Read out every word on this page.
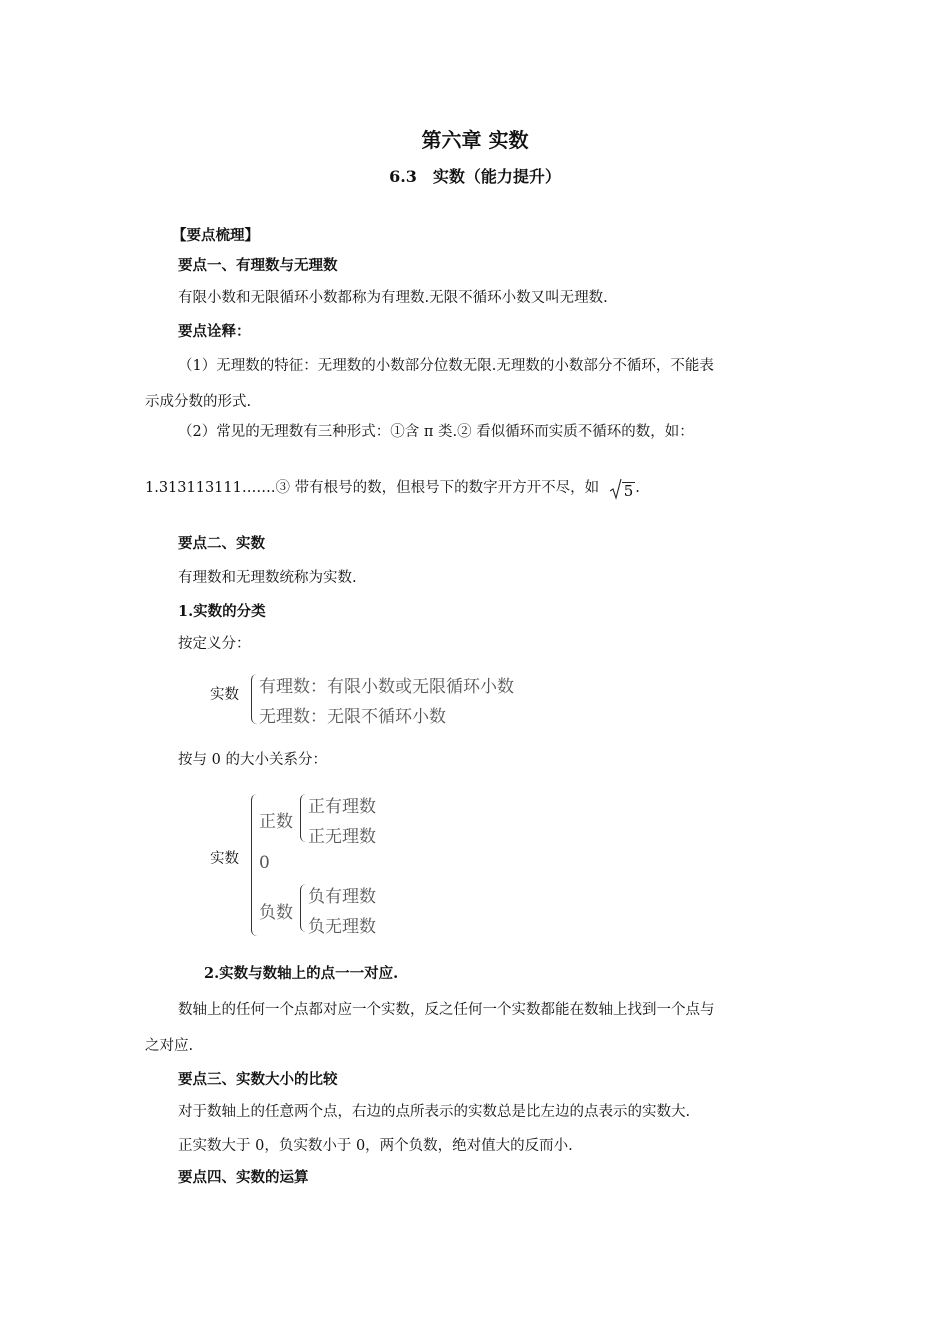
第六章 实数
6.3　实数（能力提升）
【要点梳理】
要点一、有理数与无理数
有限小数和无限循环小数都称为有理数.无限不循环小数又叫无理数.
要点诠释：
（1）无理数的特征：无理数的小数部分位数无限.无理数的小数部分不循环，不能表
示成分数的形式.
（2）常见的无理数有三种形式：①含 π 类.② 看似循环而实质不循环的数，如：
1.313113111…….③ 带有根号的数，但根号下的数字开方开不尽，如 5 .
要点二、实数
有理数和无理数统称为实数.
1.实数的分类
按定义分：
实数 有理数：有限小数或无限循环小数
无理数：无限不循环小数
按与 0 的大小关系分：
实数
正数
正有理数
正无理数
0
负数
负有理数
负无理数
2.实数与数轴上的点一一对应.
数轴上的任何一个点都对应一个实数，反之任何一个实数都能在数轴上找到一个点与
之对应.
要点三、实数大小的比较
对于数轴上的任意两个点，右边的点所表示的实数总是比左边的点表示的实数大.
正实数大于 0，负实数小于 0，两个负数，绝对值大的反而小.
要点四、实数的运算
